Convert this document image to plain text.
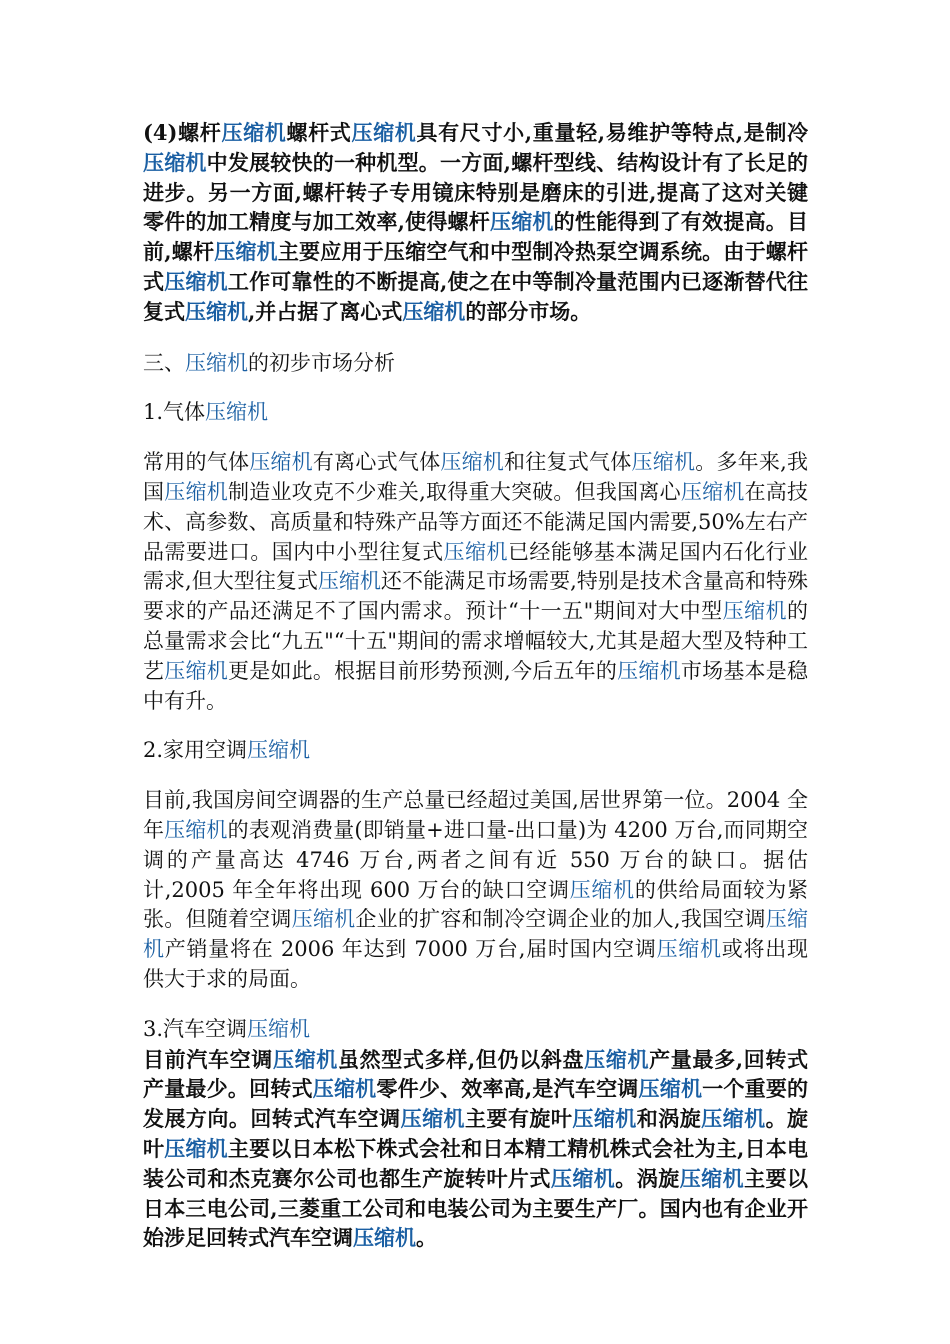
(4)螺杆压缩机螺杆式压缩机具有尺寸小,重量轻,易维护等特点,是制冷压缩机中发展较快的一种机型。一方面,螺杆型线、结构设计有了长足的进步。另一方面,螺杆转子专用镜床特别是磨床的引进,提高了这对关键零件的加工精度与加工效率,使得螺杆压缩机的性能得到了有效提高。目前,螺杆压缩机主要应用于压缩空气和中型制冷热泵空调系统。由于螺杆式压缩机工作可靠性的不断提高,使之在中等制冷量范围内已逐渐替代往复式压缩机,并占据了离心式压缩机的部分市场。

三、压缩机的初步市场分析

1.气体压缩机

常用的气体压缩机有离心式气体压缩机和往复式气体压缩机。多年来,我国压缩机制造业攻克不少难关,取得重大突破。但我国离心压缩机在高技术、高参数、高质量和特殊产品等方面还不能满足国内需要,50%左右产品需要进口。国内中小型往复式压缩机已经能够基本满足国内石化行业需求,但大型往复式压缩机还不能满足市场需要,特别是技术含量高和特殊要求的产品还满足不了国内需求。预计“十一五"期间对大中型压缩机的总量需求会比“九五"“十五"期间的需求增幅较大,尤其是超大型及特种工艺压缩机更是如此。根据目前形势预测,今后五年的压缩机市场基本是稳中有升。

2.家用空调压缩机

目前,我国房间空调器的生产总量已经超过美国,居世界第一位。2004 全年压缩机的表观消费量(即销量+进口量-出口量)为 4200 万台,而同期空调的产量高达 4746 万台,两者之间有近 550 万台的缺口。据估计,2005 年全年将出现 600 万台的缺口空调压缩机的供给局面较为紧张。但随着空调压缩机企业的扩容和制冷空调企业的加人,我国空调压缩机产销量将在 2006 年达到 7000 万台,届时国内空调压缩机或将出现供大于求的局面。

3.汽车空调压缩机

目前汽车空调压缩机虽然型式多样,但仍以斜盘压缩机产量最多,回转式产量最少。回转式压缩机零件少、效率高,是汽车空调压缩机一个重要的发展方向。回转式汽车空调压缩机主要有旋叶压缩机和涡旋压缩机。旋叶压缩机主要以日本松下株式会社和日本精工精机株式会社为主,日本电装公司和杰克赛尔公司也都生产旋转叶片式压缩机。涡旋压缩机主要以日本三电公司,三菱重工公司和电装公司为主要生产厂。国内也有企业开始涉足回转式汽车空调压缩机。
